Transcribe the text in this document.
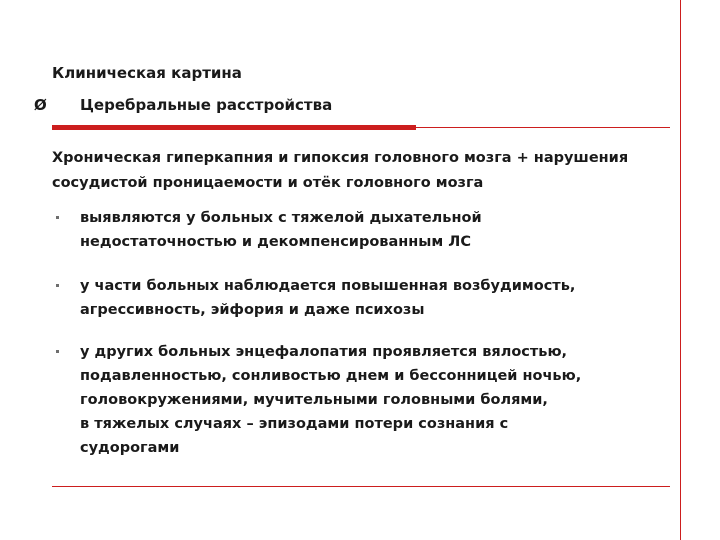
Клиническая картина
Ø Церебральные расстройства
Хроническая гиперкапния и гипоксия головного мозга + нарушения сосудистой проницаемости и отёк головного мозга
выявляются у больных с тяжелой дыхательной
недостаточностью и декомпенсированным ЛС
у части больных наблюдается повышенная возбудимость,
агрессивность, эйфория и даже психозы
у других больных энцефалопатия проявляется вялостью,
подавленностью, сонливостью днем и бессонницей ночью,
головокружениями, мучительными головными болями,
в тяжелых случаях – эпизодами потери сознания с
судорогами
